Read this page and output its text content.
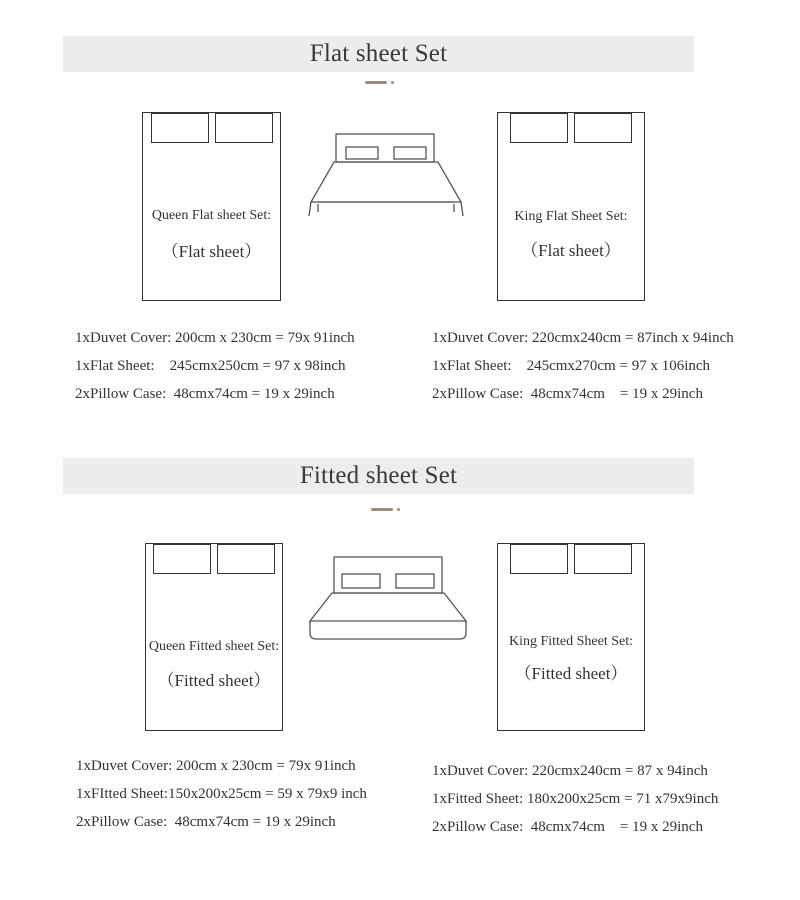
Flat sheet Set
Queen Flat sheet Set:
（Flat sheet）
King Flat Sheet Set:
（Flat sheet）
1xDuvet Cover: 200cm x 230cm = 79x 91inch
1xFlat Sheet:    245cmx250cm = 97 x 98inch
2xPillow Case:  48cmx74cm = 19 x 29inch
1xDuvet Cover: 220cmx240cm = 87inch x 94inch
1xFlat Sheet:    245cmx270cm = 97 x 106inch
2xPillow Case:  48cmx74cm    = 19 x 29inch
Fitted sheet Set
Queen Fitted sheet Set:
（Fitted sheet）
King Fitted Sheet Set:
（Fitted sheet）
1xDuvet Cover: 200cm x 230cm = 79x 91inch
1xFItted Sheet:150x200x25cm = 59 x 79x9 inch
2xPillow Case:  48cmx74cm = 19 x 29inch
1xDuvet Cover: 220cmx240cm = 87 x 94inch
1xFitted Sheet: 180x200x25cm = 71 x79x9inch
2xPillow Case:  48cmx74cm    = 19 x 29inch
